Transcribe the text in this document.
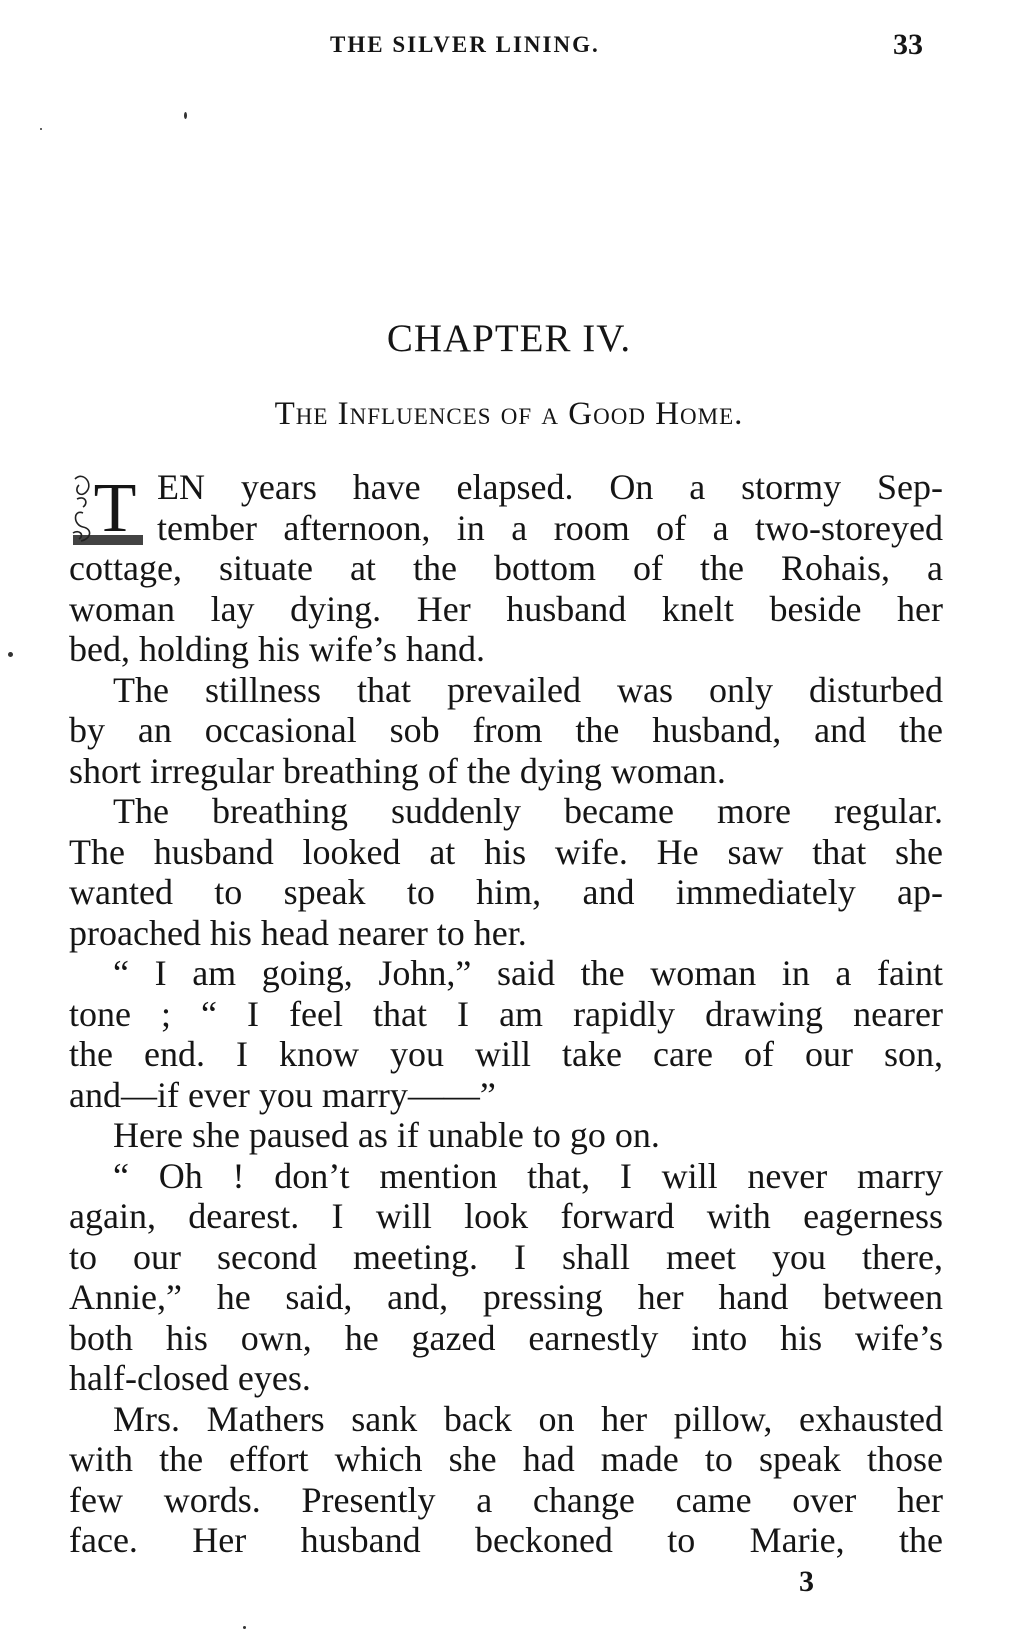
THE SILVER LINING.	33
CHAPTER IV.
The Influences of a Good Home.
T EN years have elapsed. On a stormy Sep-
tember afternoon, in a room of a two-storeyed
cottage, situate at the bottom of the Rohais, a
woman lay dying. Her husband knelt beside her
bed, holding his wife’s hand.
The stillness that prevailed was only disturbed
by an occasional sob from the husband, and the
short irregular breathing of the dying woman.
The breathing suddenly became more regular.
The husband looked at his wife. He saw that she
wanted to speak to him, and immediately ap-
proached his head nearer to her.
“ I am going, John,” said the woman in a faint
tone ; “ I feel that I am rapidly drawing nearer
the end. I know you will take care of our son,
and—if ever you marry——”
Here she paused as if unable to go on.
“ Oh ! don’t mention that, I will never marry
again, dearest. I will look forward with eagerness
to our second meeting. I shall meet you there,
Annie,” he said, and, pressing her hand between
both his own, he gazed earnestly into his wife’s
half-closed eyes.
Mrs. Mathers sank back on her pillow, exhausted
with the effort which she had made to speak those
few words. Presently a change came over her
face. Her husband beckoned to Marie, the
3
